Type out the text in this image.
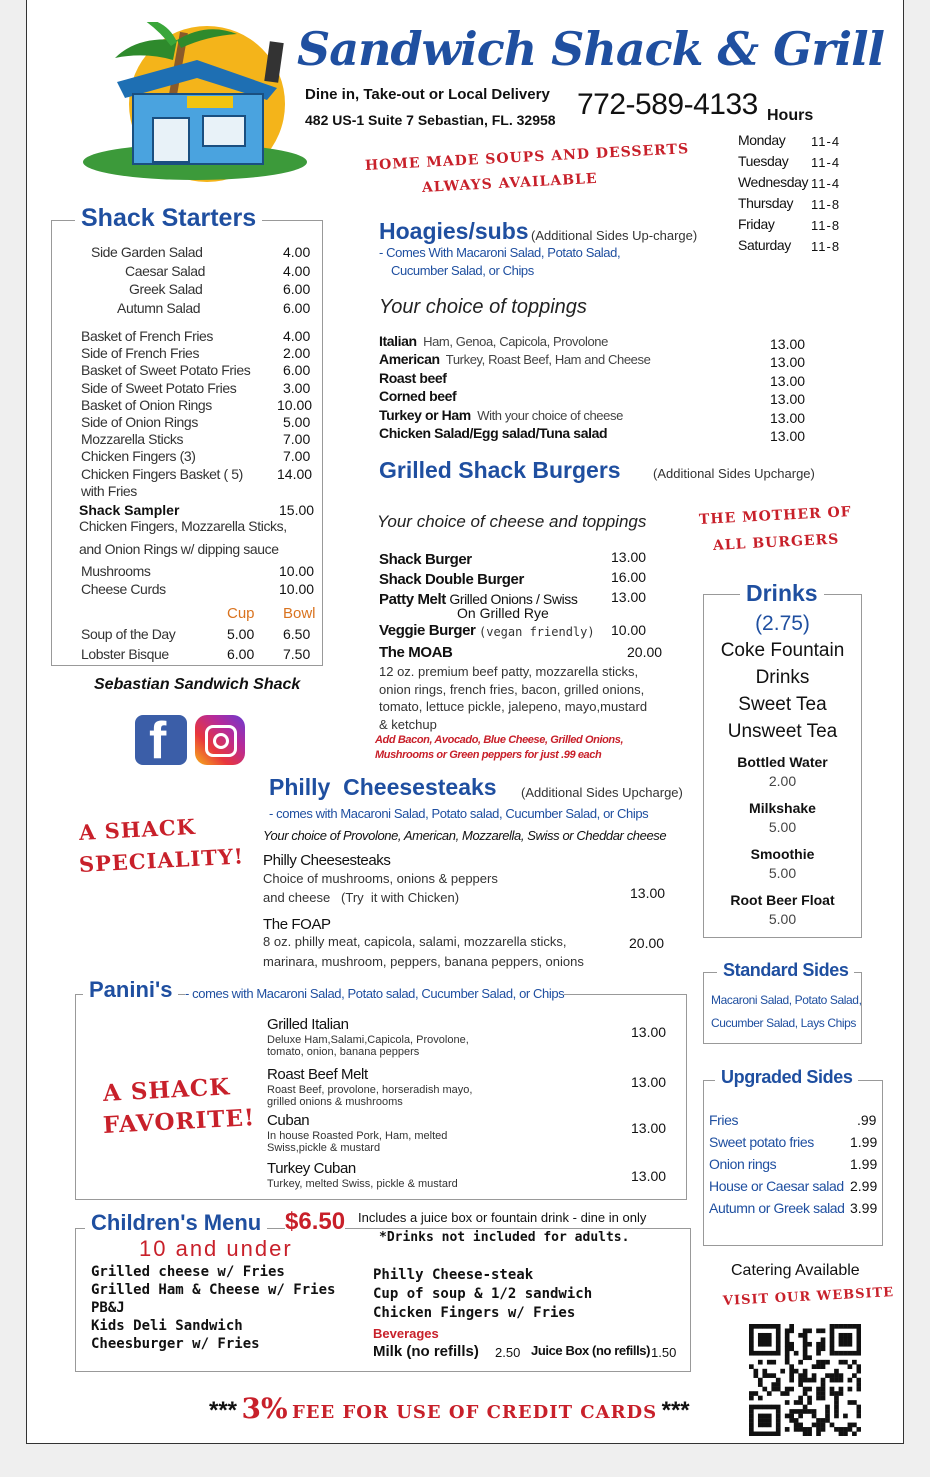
Sandwich Shack & Grill
Dine in, Take-out or Local Delivery
482 US-1 Suite 7 Sebastian, FL. 32958 772-589-4133
HOME MADE SOUPS AND DESSERTS
ALWAYS AVAILABLE
Hours
Shack Starters
Sebastian Sandwich Shack
f
Hoagies/subs (Additional Sides Up-charge)
- Comes With Macaroni Salad, Potato Salad,
Cucumber Salad, or Chips
Your choice of toppings
Grilled Shack Burgers (Additional Sides Upcharge)
Your choice of cheese and toppings	THE MOTHER OF
ALL BURGERS
On Grilled Rye
Veggie Burger (vegan friendly) 10.00
The MOAB	20.00
Add Bacon, Avocado, Blue Cheese, Grilled Onions,
Mushrooms or Green peppers for just .99 each
Drinks
(2.75)
Philly  Cheesesteaks (Additional Sides Upcharge)
- comes with Macaroni Salad, Potato salad, Cucumber Salad, or Chips
Your choice of Provolone, American, Mozzarella, Swiss or Cheddar cheese
A SHACK
SPECIALITY! Philly Cheesesteaks
Choice of mushrooms, onions & peppers
and cheese   (Try  it with Chicken)	13.00
The FOAP
8 oz. philly meat, capicola, salami, mozzarella sticks,
marinara, mushroom, peppers, banana peppers, onions
20.00
Standard Sides
Macaroni Salad, Potato Salad,
Cucumber Salad, Lays Chips
Upgraded Sides
Panini's - comes with Macaroni Salad, Potato salad, Cucumber Salad, or Chips
A SHACK
FAVORITE!
Children's Menu $6.50 Includes a juice box or fountain drink - dine in only
10 and under	*Drinks not included for adults.
Beverages
Milk (no refills) 2.50 Juice Box (no refills) 1.50
Catering Available
VISIT OUR WEBSITE
*** 3% FEE FOR USE OF CREDIT CARDS ***
Monday 11-4
Tuesday 11-4
Wednesday 11-4
Thursday 11-8
Friday	11-8
Saturday 11-8
Side Garden Salad	4.00
Caesar Salad	4.00
Greek Salad	6.00
Autumn Salad	6.00
Basket of French Fries	4.00
Side of French Fries	2.00
Basket of Sweet Potato Fries 6.00
Side of Sweet Potato Fries	3.00
Basket of Onion Rings	10.00
Side of Onion Rings	5.00
Mozzarella Sticks	7.00
Chicken Fingers (3)	7.00
Chicken Fingers Basket ( 5) 14.00
with Fries
Shack Sampler	15.00
Chicken Fingers, Mozzarella Sticks,
and Onion Rings w/ dipping sauce
Mushrooms	10.00
Cheese Curds	10.00
Cup Bowl
Soup of the Day	5.00 6.50
Lobster Bisque	6.00 7.50
Italian  Ham, Genoa, Capicola, Provolone	13.00
American  Turkey, Roast Beef, Ham and Cheese	13.00
Roast beef	13.00
Corned beef	13.00
Turkey or Ham  With your choice of cheese	13.00
Chicken Salad/Egg salad/Tuna salad	13.00
Shack Burger	13.00
Shack Double Burger	16.00
Patty Melt Grilled Onions / Swiss 13.00
12 oz. premium beef patty, mozzarella sticks,
onion rings, french fries, bacon, grilled onions,
tomato, lettuce pickle, jalepeno, mayo,mustard
& ketchup
Coke Fountain
Drinks
Sweet Tea
Unsweet Tea
Bottled Water
2.00
Milkshake
5.00
Smoothie
5.00
Root Beer Float
5.00
Fries	.99
Sweet potato fries	1.99
Onion rings	1.99
House or Caesar salad 2.99
Autumn or Greek salad 3.99
Grilled Italian
Deluxe Ham,Salami,Capicola, Provolone,
tomato, onion, banana peppers
13.00
Roast Beef Melt
Roast Beef, provolone, horseradish mayo,
grilled onions & mushrooms
13.00
Cuban
In house Roasted Pork, Ham, melted
Swiss,pickle & mustard
13.00
Turkey Cuban
Turkey, melted Swiss, pickle & mustard	13.00
Grilled cheese w/ Fries
Grilled Ham & Cheese w/ Fries
PB&J
Kids Deli Sandwich
Cheesburger w/ Fries
Philly Cheese-steak
Cup of soup & 1/2 sandwich
Chicken Fingers w/ Fries
